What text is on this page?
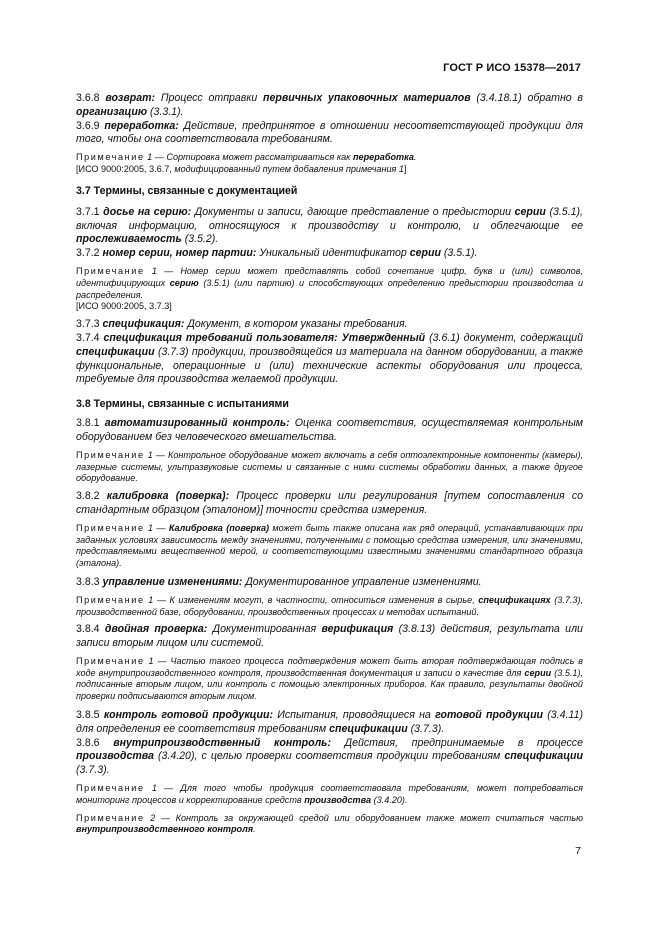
ГОСТ Р ИСО 15378—2017

3.6.8 возврат: Процесс отправки первичных упаковочных материалов (3.4.18.1) обратно в организацию (3.3.1).

3.6.9 переработка: Действие, предпринятое в отношении несоответствующей продукции для того, чтобы она соответствовала требованиям.

Примечание 1 — Сортировка может рассматриваться как переработка.

[ИСО 9000:2005, 3.6.7, модифицированный путем добавления примечания 1]

3.7 Термины, связанные с документацией

3.7.1 досье на серию: Документы и записи, дающие представление о предыстории серии (3.5.1), включая информацию, относящуюся к производству и контролю, и облегчающие ее прослеживаемость (3.5.2).

3.7.2 номер серии, номер партии: Уникальный идентификатор серии (3.5.1).

Примечание 1 — Номер серии может представлять собой сочетание цифр, букв и (или) символов, идентифицирующих серию (3.5.1) (или партию) и способствующих определению предыстории производства и распределения.

[ИСО 9000:2005, 3.7.3]

3.7.3 спецификация: Документ, в котором указаны требования.

3.7.4 спецификация требований пользователя: Утвержденный (3.6.1) документ, содержащий спецификации (3.7.3) продукции, производящейся из материала на данном оборудовании, а также функциональные, операционные и (или) технические аспекты оборудования или процесса, требуемые для производства желаемой продукции.

3.8 Термины, связанные с испытаниями

3.8.1 автоматизированный контроль: Оценка соответствия, осуществляемая контрольным оборудованием без человеческого вмешательства.

Примечание 1 — Контрольное оборудование может включать в себя оптоэлектронные компоненты (камеры), лазерные системы, ультразвуковые системы и связанные с ними системы обработки данных, а также другое оборудование.

3.8.2 калибровка (поверка): Процесс проверки или регулирования [путем сопоставления со стандартным образцом (эталоном)] точности средства измерения.

Примечание 1 — Калибровка (поверка) может быть также описана как ряд операций, устанавливающих при заданных условиях зависимость между значениями, полученными с помощью средства измерения, или значениями, представляемыми вещественной мерой, и соответствующими известными значениями стандартного образца (эталона).

3.8.3 управление изменениями: Документированное управление изменениями.

Примечание 1 — К изменениям могут, в частности, относиться изменения в сырье, спецификациях (3.7.3), производственной базе, оборудовании, производственных процессах и методах испытаний.

3.8.4 двойная проверка: Документированная верификация (3.8.13) действия, результата или записи вторым лицом или системой.

Примечание 1 — Частью такого процесса подтверждения может быть вторая подтверждающая подпись в ходе внутрипроизводственного контроля, производственная документация и записи о качестве для серии (3.5.1), подписанные вторым лицом, или контроль с помощью электронных приборов. Как правило, результаты двойной проверки подписываются вторым лицом.

3.8.5 контроль готовой продукции: Испытания, проводящиеся на готовой продукции (3.4.11) для определения ее соответствия требованиям спецификации (3.7.3).

3.8.6 внутрипроизводственный контроль: Действия, предпринимаемые в процессе производства (3.4.20), с целью проверки соответствия продукции требованиям спецификации (3.7.3).

Примечание 1 — Для того чтобы продукция соответствовала требованиям, может потребоваться мониторинг процессов и корректирование средств производства (3.4.20).

Примечание 2 — Контроль за окружающей средой или оборудованием также может считаться частью внутрипроизводственного контроля.

7
